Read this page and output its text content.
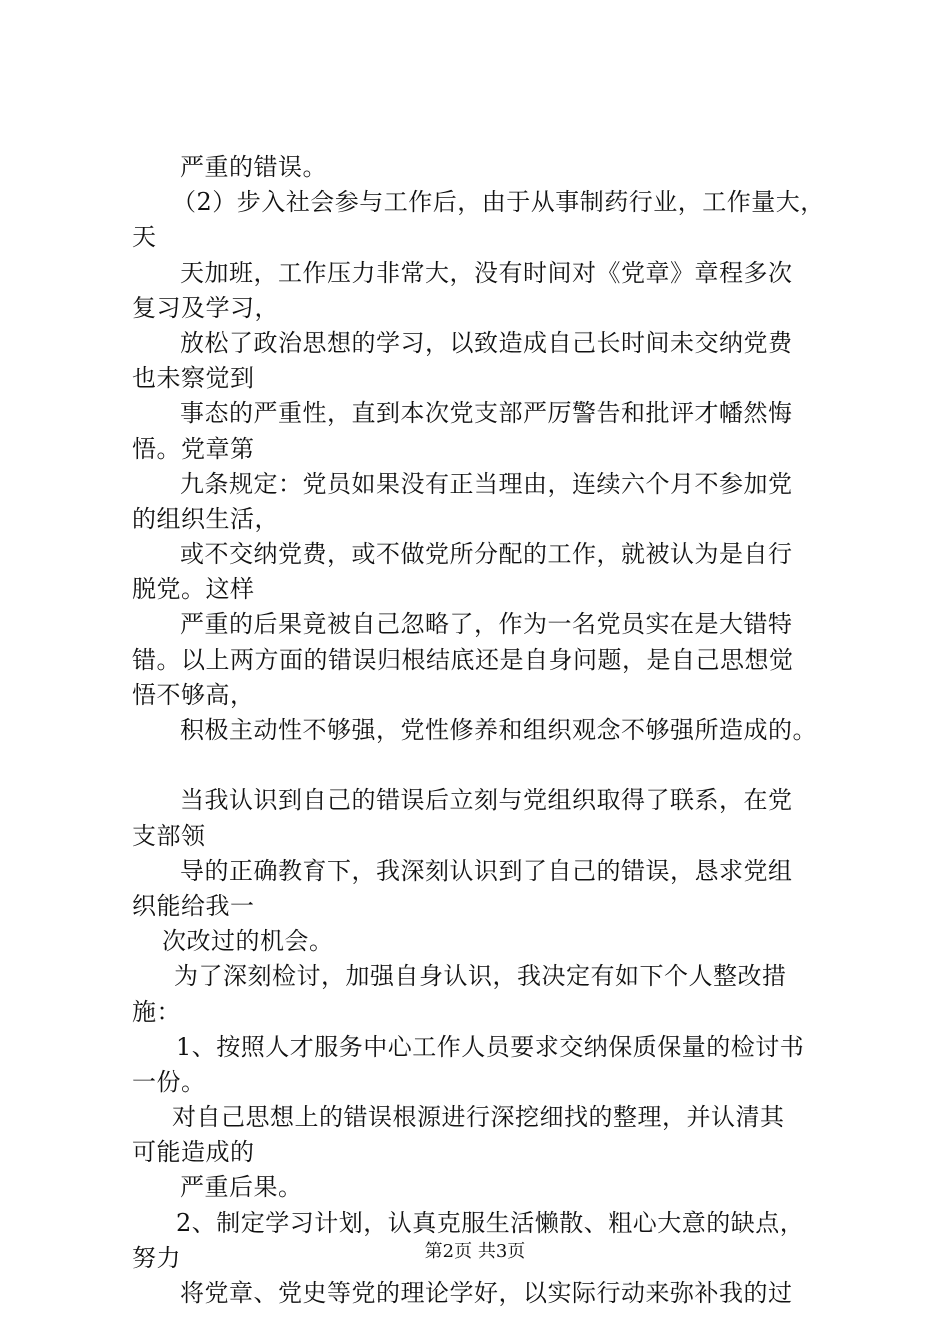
严重的错误。
（2）步入社会参与工作后，由于从事制药行业，工作量大，
天
天加班，工作压力非常大，没有时间对《党章》章程多次
复习及学习，
放松了政治思想的学习，以致造成自己长时间未交纳党费
也未察觉到
事态的严重性，直到本次党支部严厉警告和批评才幡然悔
悟。党章第
九条规定：党员如果没有正当理由，连续六个月不参加党
的组织生活，
或不交纳党费，或不做党所分配的工作，就被认为是自行
脱党。这样
严重的后果竟被自己忽略了，作为一名党员实在是大错特
错。以上两方面的错误归根结底还是自身问题，是自己思想觉
悟不够高，
积极主动性不够强，党性修养和组织观念不够强所造成的。
当我认识到自己的错误后立刻与党组织取得了联系，在党
支部领
导的正确教育下，我深刻认识到了自己的错误，恳求党组
织能给我一
次改过的机会。
为了深刻检讨，加强自身认识，我决定有如下个人整改措
施：
1、按照人才服务中心工作人员要求交纳保质保量的检讨书
一份。
对自己思想上的错误根源进行深挖细找的整理，并认清其
可能造成的
严重后果。
2、制定学习计划，认真克服生活懒散、粗心大意的缺点，
努力
将党章、党史等党的理论学好，以实际行动来弥补我的过
第2页 共3页
